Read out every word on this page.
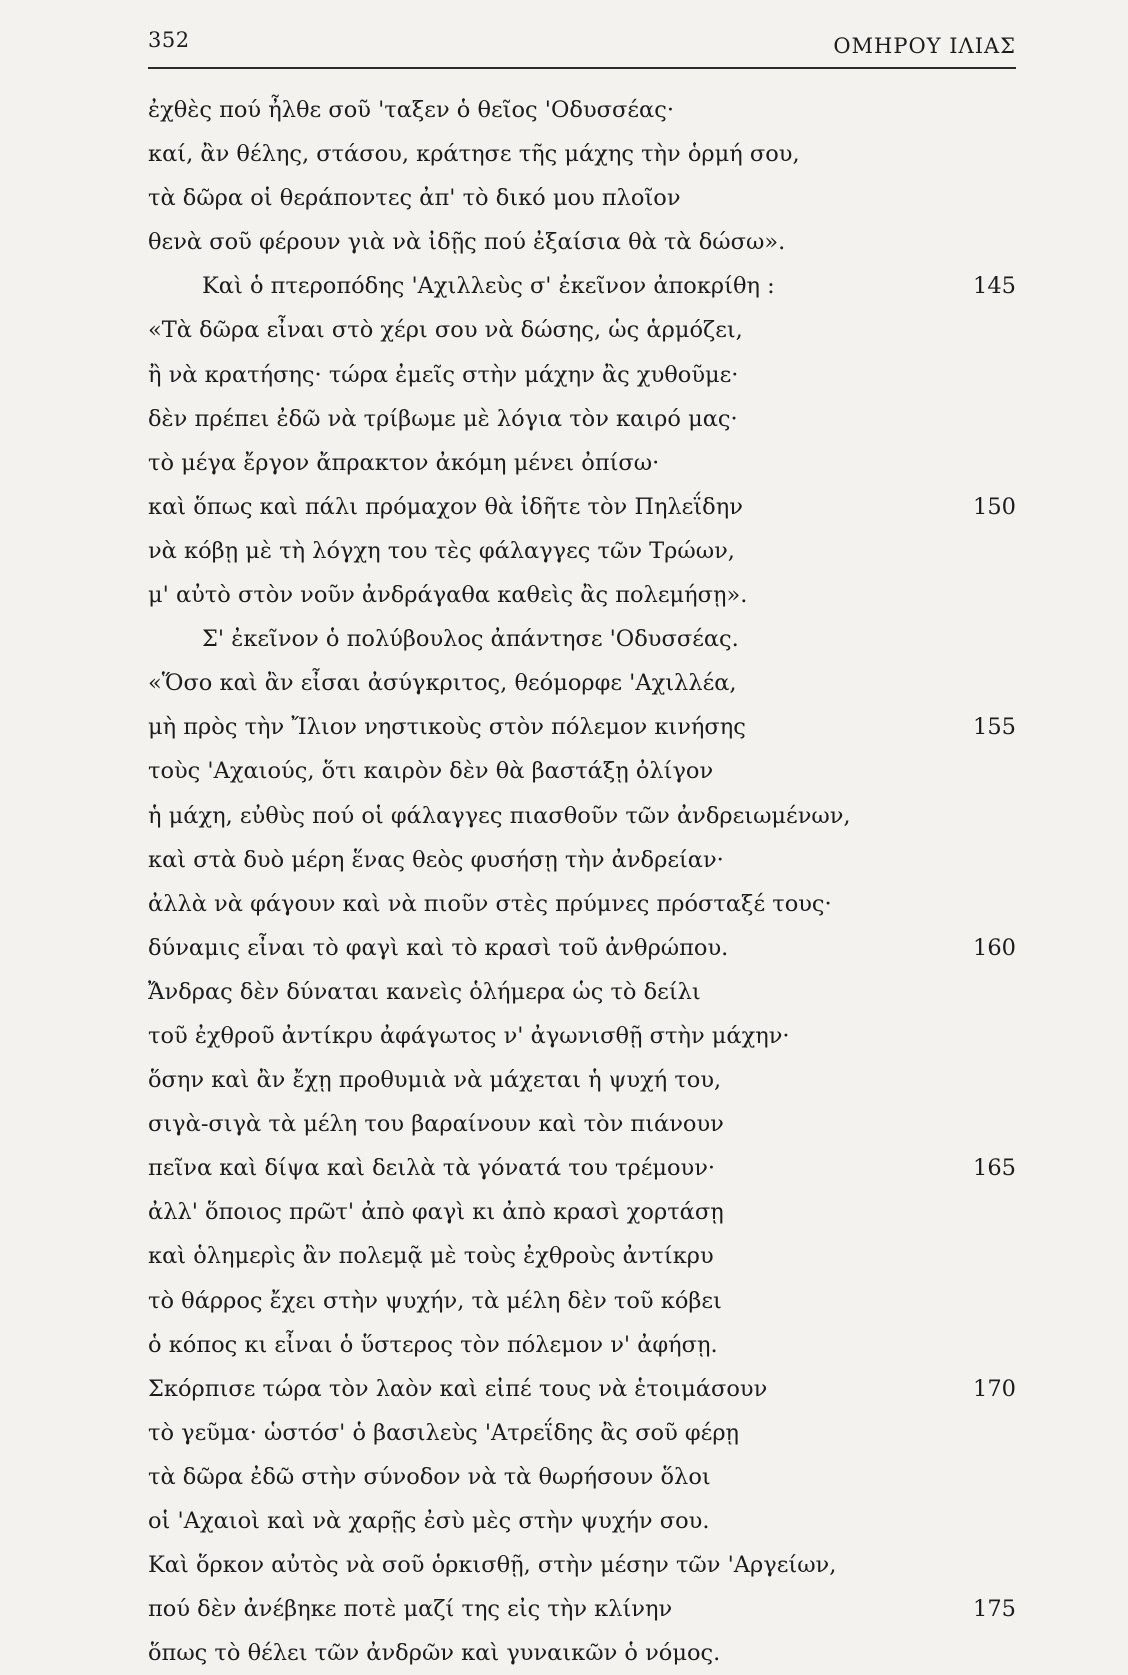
352	ΟΜΗΡΟΥ ΙΛΙΑΣ
ἐχθὲς πού ἦλθε σοῦ 'ταξεν ὁ θεῖος 'Οδυσσέας·
καί, ἂν θέλης, στάσου, κράτησε τῆς μάχης τὴν ὁρμή σου,
τὰ δῶρα οἱ θεράποντες ἀπ' τὸ δικό μου πλοῖον
θενὰ σοῦ φέρουν γιὰ νὰ ἰδῇς πού ἐξαίσια θὰ τὰ δώσω».
Καὶ ὁ πτεροπόδης 'Αχιλλεὺς σ' ἐκεῖνον ἀποκρίθη :	145
«Τὰ δῶρα εἶναι στὸ χέρι σου νὰ δώσης, ὡς ἁρμόζει,
ἢ νὰ κρατήσης· τώρα ἐμεῖς στὴν μάχην ἂς χυθοῦμε·
δὲν πρέπει ἐδῶ νὰ τρίβωμε μὲ λόγια τὸν καιρό μας·
τὸ μέγα ἔργον ἄπρακτον ἀκόμη μένει ὀπίσω·
καὶ ὅπως καὶ πάλι πρόμαχον θὰ ἰδῆτε τὸν Πηλεΐδην	150
νὰ κόβῃ μὲ τὴ λόγχη του τὲς φάλαγγες τῶν Τρώων,
μ' αὐτὸ στὸν νοῦν ἀνδράγαθα καθεὶς ἂς πολεμήσῃ».
Σ' ἐκεῖνον ὁ πολύβουλος ἀπάντησε 'Οδυσσέας.
«Ὅσο καὶ ἂν εἶσαι ἀσύγκριτος, θεόμορφε 'Αχιλλέα,
μὴ πρὸς τὴν Ἴλιον νηστικοὺς στὸν πόλεμον κινήσης	155
τοὺς 'Αχαιούς, ὅτι καιρὸν δὲν θὰ βαστάξῃ ὀλίγον
ἡ μάχη, εὐθὺς πού οἱ φάλαγγες πιασθοῦν τῶν ἀνδρειωμένων,
καὶ στὰ δυὸ μέρη ἕνας θεὸς φυσήσῃ τὴν ἀνδρείαν·
ἀλλὰ νὰ φάγουν καὶ νὰ πιοῦν στὲς πρύμνες πρόσταξέ τους·
δύναμις εἶναι τὸ φαγὶ καὶ τὸ κρασὶ τοῦ ἀνθρώπου.	160
Ἄνδρας δὲν δύναται κανεὶς ὁλήμερα ὡς τὸ δείλι
τοῦ ἐχθροῦ ἀντίκρυ ἀφάγωτος ν' ἀγωνισθῇ στὴν μάχην·
ὅσην καὶ ἂν ἔχῃ προθυμιὰ νὰ μάχεται ἡ ψυχή του,
σιγὰ-σιγὰ τὰ μέλη του βαραίνουν καὶ τὸν πιάνουν
πεῖνα καὶ δίψα καὶ δειλὰ τὰ γόνατά του τρέμουν·	165
ἀλλ' ὅποιος πρῶτ' ἀπὸ φαγὶ κι ἀπὸ κρασὶ χορτάσῃ
καὶ ὁλημερὶς ἂν πολεμᾷ μὲ τοὺς ἐχθροὺς ἀντίκρυ
τὸ θάρρος ἔχει στὴν ψυχήν, τὰ μέλη δὲν τοῦ κόβει
ὁ κόπος κι εἶναι ὁ ὕστερος τὸν πόλεμον ν' ἀφήσῃ.
Σκόρπισε τώρα τὸν λαὸν καὶ εἰπέ τους νὰ ἑτοιμάσουν	170
τὸ γεῦμα· ὡστόσ' ὁ βασιλεὺς 'Ατρεΐδης ἂς σοῦ φέρῃ
τὰ δῶρα ἐδῶ στὴν σύνοδον νὰ τὰ θωρήσουν ὅλοι
οἱ 'Αχαιοὶ καὶ νὰ χαρῇς ἐσὺ μὲς στὴν ψυχήν σου.
Καὶ ὅρκον αὐτὸς νὰ σοῦ ὁρκισθῇ, στὴν μέσην τῶν 'Αργείων,
πού δὲν ἀνέβηκε ποτὲ μαζί της εἰς τὴν κλίνην	175
ὅπως τὸ θέλει τῶν ἀνδρῶν καὶ γυναικῶν ὁ νόμος.
